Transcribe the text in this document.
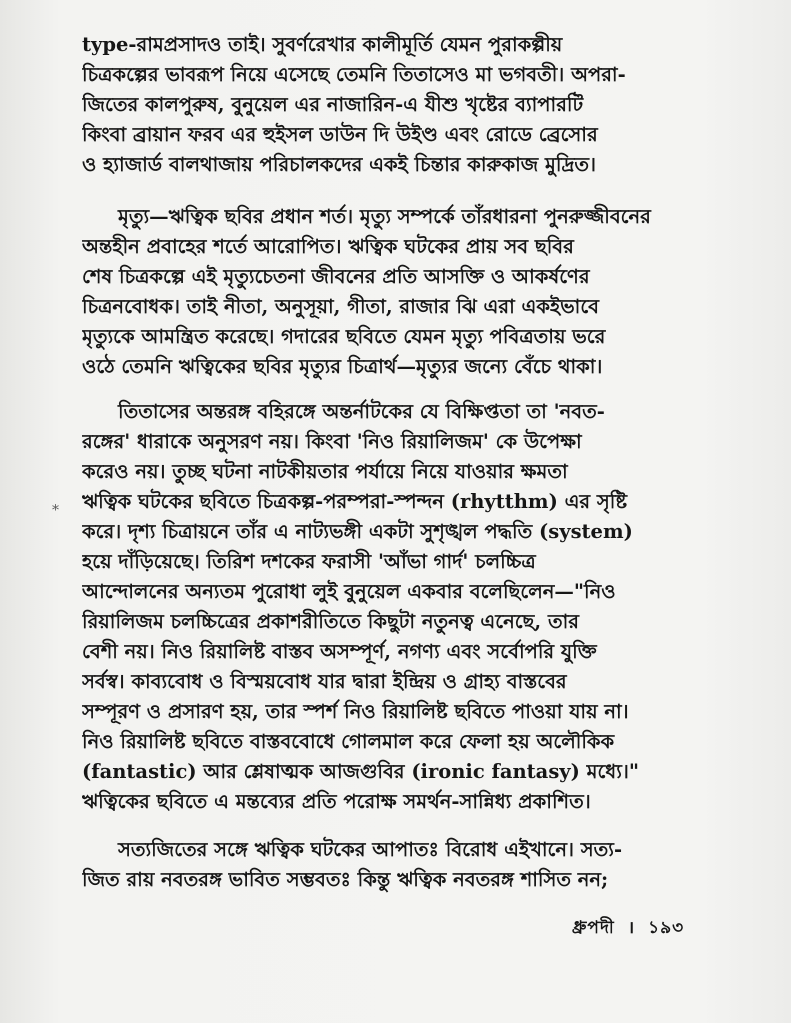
type-রামপ্রসাদও তাই। সুবর্ণরেখার কালীমূর্তি যেমন পুরাকল্পীয়
চিত্রকল্পের ভাবরূপ নিয়ে এসেছে তেমনি তিতাসেও মা ভগবতী। অপরা-
জিতের কালপুরুষ, বুনুয়েল এর নাজারিন-এ যীশু খৃষ্টের ব্যাপারটি
কিংবা ব্রায়ান ফরব এর হুইসল ডাউন দি উইণ্ড এবং রোডে ব্রেসোর
ও হ্যাজার্ড বালথাজায় পরিচালকদের একই চিন্তার কারুকাজ মুদ্রিত।
মৃত্যু—ঋত্বিক ছবির প্রধান শর্ত। মৃত্যু সম্পর্কে তাঁরধারনা পুনরুজ্জীবনের
অন্তহীন প্রবাহের শর্তে আরোপিত। ঋত্বিক ঘটকের প্রায় সব ছবির
শেষ চিত্রকল্পে এই মৃত্যুচেতনা জীবনের প্রতি আসক্তি ও আকর্ষণের
চিত্রনবোধক। তাই নীতা, অনুসূয়া, গীতা, রাজার ঝি এরা একইভাবে
মৃত্যুকে আমন্ত্রিত করেছে। গদারের ছবিতে যেমন মৃত্যু পবিত্রতায় ভরে
ওঠে তেমনি ঋত্বিকের ছবির মৃত্যুর চিত্রার্থ—মৃত্যুর জন্যে বেঁচে থাকা।
তিতাসের অন্তরঙ্গ বহিরঙ্গে অন্তর্নাটকের যে বিক্ষিপ্ততা তা 'নবত-
রঙ্গের' ধারাকে অনুসরণ নয়। কিংবা 'নিও রিয়ালিজম' কে উপেক্ষা
করেও নয়। তুচ্ছ ঘটনা নাটকীয়তার পর্যায়ে নিয়ে যাওয়ার ক্ষমতা
ঋত্বিক ঘটকের ছবিতে চিত্রকল্প-পরম্পরা-স্পন্দন (rhytthm) এর সৃষ্টি
করে। দৃশ্য চিত্রায়নে তাঁর এ নাট্যভঙ্গী একটা সুশৃঙ্খল পদ্ধতি (system)
হয়ে দাঁড়িয়েছে। তিরিশ দশকের ফরাসী 'আঁভা গার্দ' চলচ্চিত্র
আন্দোলনের অন্যতম পুরোধা লুই বুনুয়েল একবার বলেছিলেন—"নিও
রিয়ালিজম চলচ্চিত্রের প্রকাশরীতিতে কিছুটা নতুনত্ব এনেছে, তার
বেশী নয়। নিও রিয়ালিষ্ট বাস্তব অসম্পূর্ণ, নগণ্য এবং সর্বোপরি যুক্তি
সর্বস্ব। কাব্যবোধ ও বিস্ময়বোধ যার দ্বারা ইন্দ্রিয় ও গ্রাহ্য বাস্তবের
সম্পূরণ ও প্রসারণ হয়, তার স্পর্শ নিও রিয়ালিষ্ট ছবিতে পাওয়া যায় না।
নিও রিয়ালিষ্ট ছবিতে বাস্তববোধে গোলমাল করে ফেলা হয় অলৌকিক
(fantastic) আর শ্লেষাত্মক আজগুবির (ironic fantasy) মধ্যে।"
ঋত্বিকের ছবিতে এ মন্তব্যের প্রতি পরোক্ষ সমর্থন-সান্নিধ্য প্রকাশিত।
সত্যজিতের সঙ্গে ঋত্বিক ঘটকের আপাতঃ বিরোধ এইখানে। সত্য-
জিত রায় নবতরঙ্গ ভাবিত সম্ভবতঃ কিন্তু ঋত্বিক নবতরঙ্গ শাসিত নন;
⁎
ধ্রুপদী । ১৯৩
